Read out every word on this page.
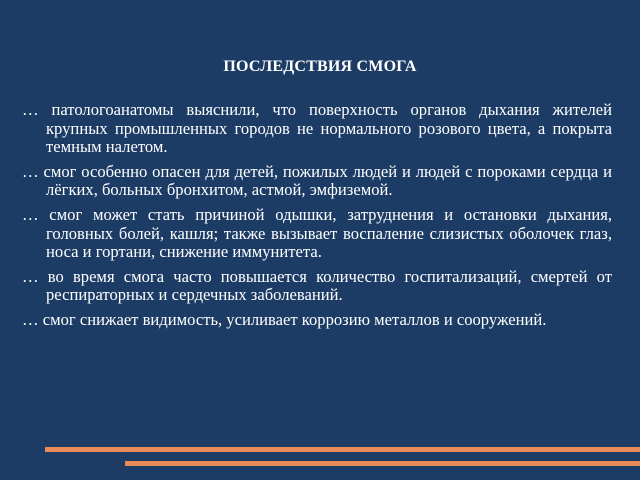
ПОСЛЕДСТВИЯ СМОГА

… патологоанатомы выяснили, что поверхность органов дыхания жителей крупных промышленных городов не нормального розового цвета, а покрыта темным налетом.

… смог особенно опасен для детей, пожилых людей и людей с пороками сердца и лёгких, больных бронхитом, астмой, эмфиземой.

… смог может стать причиной одышки, затруднения и остановки дыхания, головных болей, кашля; также вызывает воспаление слизистых оболочек глаз, носа и гортани, снижение иммунитета.

… во время смога часто повышается количество госпитализаций, смертей от респираторных и сердечных заболеваний.

… смог снижает видимость, усиливает коррозию металлов и сооружений.
